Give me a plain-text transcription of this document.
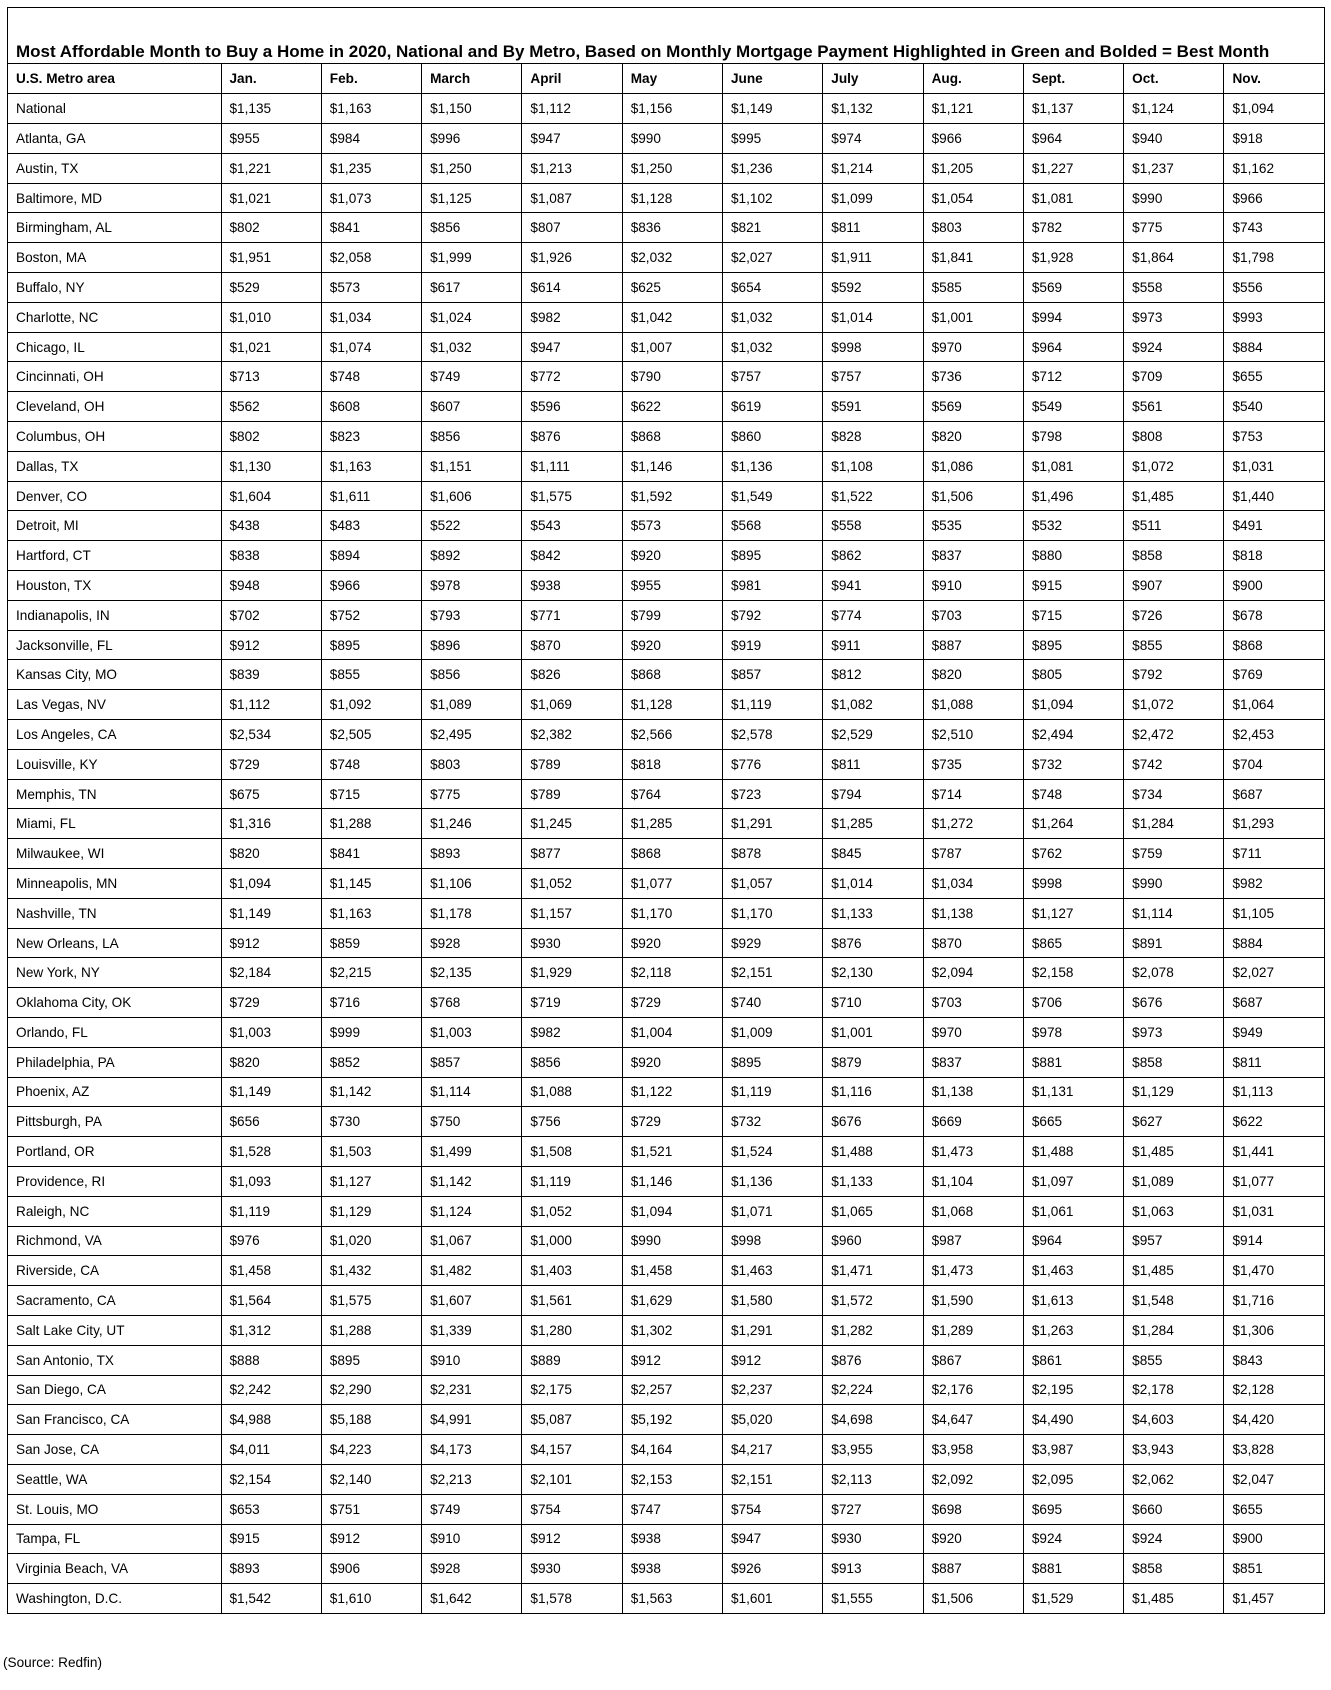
Most Affordable Month to Buy a Home in 2020, National and By Metro, Based on Monthly Mortgage Payment Highlighted in Green and Bolded = Best Month
U.S. Metro area	Jan.	Feb.	March	April	May	June	July	Aug.	Sept.	Oct.	Nov.
National	$1,135	$1,163	$1,150	$1,112	$1,156	$1,149	$1,132	$1,121	$1,137	$1,124	$1,094
Atlanta, GA	$955	$984	$996	$947	$990	$995	$974	$966	$964	$940	$918
Austin, TX	$1,221	$1,235	$1,250	$1,213	$1,250	$1,236	$1,214	$1,205	$1,227	$1,237	$1,162
Baltimore, MD	$1,021	$1,073	$1,125	$1,087	$1,128	$1,102	$1,099	$1,054	$1,081	$990	$966
Birmingham, AL	$802	$841	$856	$807	$836	$821	$811	$803	$782	$775	$743
Boston, MA	$1,951	$2,058	$1,999	$1,926	$2,032	$2,027	$1,911	$1,841	$1,928	$1,864	$1,798
Buffalo, NY	$529	$573	$617	$614	$625	$654	$592	$585	$569	$558	$556
Charlotte, NC	$1,010	$1,034	$1,024	$982	$1,042	$1,032	$1,014	$1,001	$994	$973	$993
Chicago, IL	$1,021	$1,074	$1,032	$947	$1,007	$1,032	$998	$970	$964	$924	$884
Cincinnati, OH	$713	$748	$749	$772	$790	$757	$757	$736	$712	$709	$655
Cleveland, OH	$562	$608	$607	$596	$622	$619	$591	$569	$549	$561	$540
Columbus, OH	$802	$823	$856	$876	$868	$860	$828	$820	$798	$808	$753
Dallas, TX	$1,130	$1,163	$1,151	$1,111	$1,146	$1,136	$1,108	$1,086	$1,081	$1,072	$1,031
Denver, CO	$1,604	$1,611	$1,606	$1,575	$1,592	$1,549	$1,522	$1,506	$1,496	$1,485	$1,440
Detroit, MI	$438	$483	$522	$543	$573	$568	$558	$535	$532	$511	$491
Hartford, CT	$838	$894	$892	$842	$920	$895	$862	$837	$880	$858	$818
Houston, TX	$948	$966	$978	$938	$955	$981	$941	$910	$915	$907	$900
Indianapolis, IN	$702	$752	$793	$771	$799	$792	$774	$703	$715	$726	$678
Jacksonville, FL	$912	$895	$896	$870	$920	$919	$911	$887	$895	$855	$868
Kansas City, MO	$839	$855	$856	$826	$868	$857	$812	$820	$805	$792	$769
Las Vegas, NV	$1,112	$1,092	$1,089	$1,069	$1,128	$1,119	$1,082	$1,088	$1,094	$1,072	$1,064
Los Angeles, CA	$2,534	$2,505	$2,495	$2,382	$2,566	$2,578	$2,529	$2,510	$2,494	$2,472	$2,453
Louisville, KY	$729	$748	$803	$789	$818	$776	$811	$735	$732	$742	$704
Memphis, TN	$675	$715	$775	$789	$764	$723	$794	$714	$748	$734	$687
Miami, FL	$1,316	$1,288	$1,246	$1,245	$1,285	$1,291	$1,285	$1,272	$1,264	$1,284	$1,293
Milwaukee, WI	$820	$841	$893	$877	$868	$878	$845	$787	$762	$759	$711
Minneapolis, MN	$1,094	$1,145	$1,106	$1,052	$1,077	$1,057	$1,014	$1,034	$998	$990	$982
Nashville, TN	$1,149	$1,163	$1,178	$1,157	$1,170	$1,170	$1,133	$1,138	$1,127	$1,114	$1,105
New Orleans, LA	$912	$859	$928	$930	$920	$929	$876	$870	$865	$891	$884
New York, NY	$2,184	$2,215	$2,135	$1,929	$2,118	$2,151	$2,130	$2,094	$2,158	$2,078	$2,027
Oklahoma City, OK	$729	$716	$768	$719	$729	$740	$710	$703	$706	$676	$687
Orlando, FL	$1,003	$999	$1,003	$982	$1,004	$1,009	$1,001	$970	$978	$973	$949
Philadelphia, PA	$820	$852	$857	$856	$920	$895	$879	$837	$881	$858	$811
Phoenix, AZ	$1,149	$1,142	$1,114	$1,088	$1,122	$1,119	$1,116	$1,138	$1,131	$1,129	$1,113
Pittsburgh, PA	$656	$730	$750	$756	$729	$732	$676	$669	$665	$627	$622
Portland, OR	$1,528	$1,503	$1,499	$1,508	$1,521	$1,524	$1,488	$1,473	$1,488	$1,485	$1,441
Providence, RI	$1,093	$1,127	$1,142	$1,119	$1,146	$1,136	$1,133	$1,104	$1,097	$1,089	$1,077
Raleigh, NC	$1,119	$1,129	$1,124	$1,052	$1,094	$1,071	$1,065	$1,068	$1,061	$1,063	$1,031
Richmond, VA	$976	$1,020	$1,067	$1,000	$990	$998	$960	$987	$964	$957	$914
Riverside, CA	$1,458	$1,432	$1,482	$1,403	$1,458	$1,463	$1,471	$1,473	$1,463	$1,485	$1,470
Sacramento, CA	$1,564	$1,575	$1,607	$1,561	$1,629	$1,580	$1,572	$1,590	$1,613	$1,548	$1,716
Salt Lake City, UT	$1,312	$1,288	$1,339	$1,280	$1,302	$1,291	$1,282	$1,289	$1,263	$1,284	$1,306
San Antonio, TX	$888	$895	$910	$889	$912	$912	$876	$867	$861	$855	$843
San Diego, CA	$2,242	$2,290	$2,231	$2,175	$2,257	$2,237	$2,224	$2,176	$2,195	$2,178	$2,128
San Francisco, CA	$4,988	$5,188	$4,991	$5,087	$5,192	$5,020	$4,698	$4,647	$4,490	$4,603	$4,420
San Jose, CA	$4,011	$4,223	$4,173	$4,157	$4,164	$4,217	$3,955	$3,958	$3,987	$3,943	$3,828
Seattle, WA	$2,154	$2,140	$2,213	$2,101	$2,153	$2,151	$2,113	$2,092	$2,095	$2,062	$2,047
St. Louis, MO	$653	$751	$749	$754	$747	$754	$727	$698	$695	$660	$655
Tampa, FL	$915	$912	$910	$912	$938	$947	$930	$920	$924	$924	$900
Virginia Beach, VA	$893	$906	$928	$930	$938	$926	$913	$887	$881	$858	$851
Washington, D.C.	$1,542	$1,610	$1,642	$1,578	$1,563	$1,601	$1,555	$1,506	$1,529	$1,485	$1,457
(Source: Redfin)
